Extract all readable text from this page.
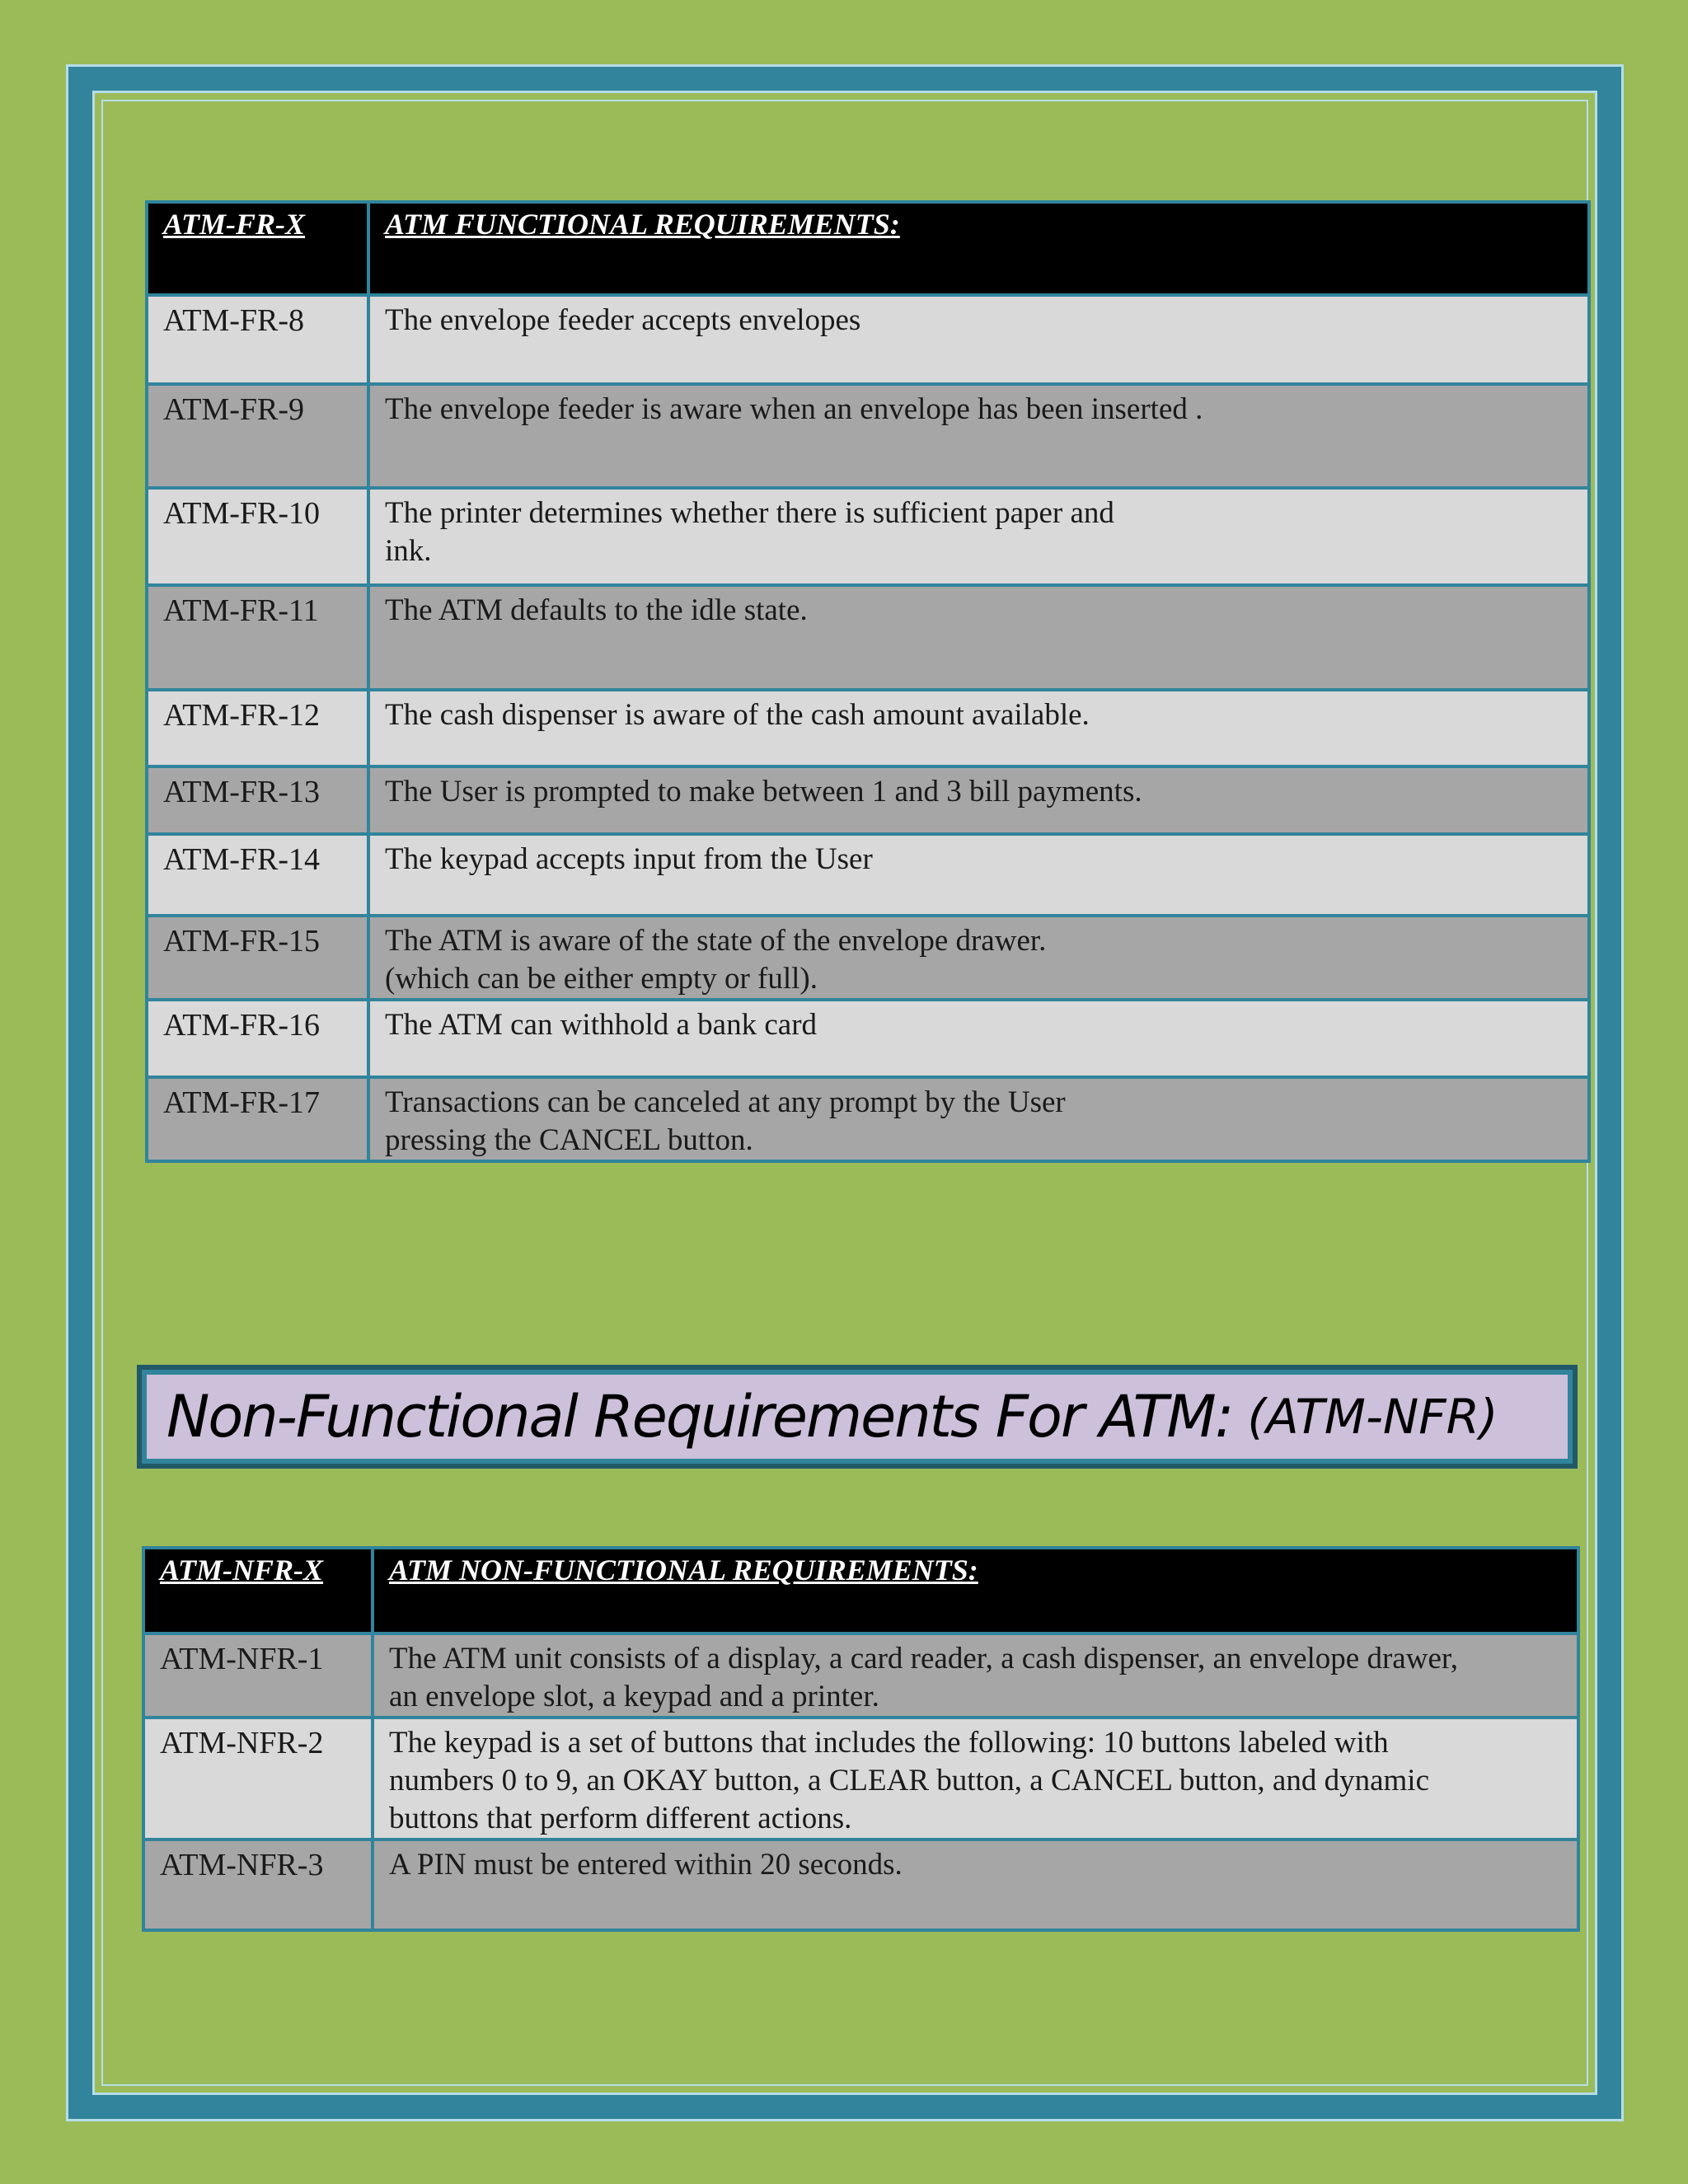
ATM-FR-X	ATM FUNCTIONAL REQUIREMENTS:
ATM-FR-8	The envelope feeder accepts envelopes
ATM-FR-9	The envelope feeder is aware when an envelope has been inserted .
ATM-FR-10	The printer determines whether there is sufficient paper and
ink.
ATM-FR-11	The ATM defaults to the idle state.
ATM-FR-12	The cash dispenser is aware of the cash amount available.
ATM-FR-13	The User is prompted to make between 1 and 3 bill payments.
ATM-FR-14	The keypad accepts input from the User
ATM-FR-15	The ATM is aware of the state of the envelope drawer.
(which can be either empty or full).
ATM-FR-16	The ATM can withhold a bank card
ATM-FR-17	Transactions can be canceled at any prompt by the User
pressing the CANCEL button.
Non-Functional Requirements For ATM: (ATM-NFR)
ATM-NFR-X	ATM NON-FUNCTIONAL REQUIREMENTS:
ATM-NFR-1	The ATM unit consists of a display, a card reader, a cash dispenser, an envelope drawer,
an envelope slot, a keypad and a printer.
ATM-NFR-2	The keypad is a set of buttons that includes the following: 10 buttons labeled with
numbers 0 to 9, an OKAY button, a CLEAR button, a CANCEL button, and dynamic
buttons that perform different actions.
ATM-NFR-3	A PIN must be entered within 20 seconds.
